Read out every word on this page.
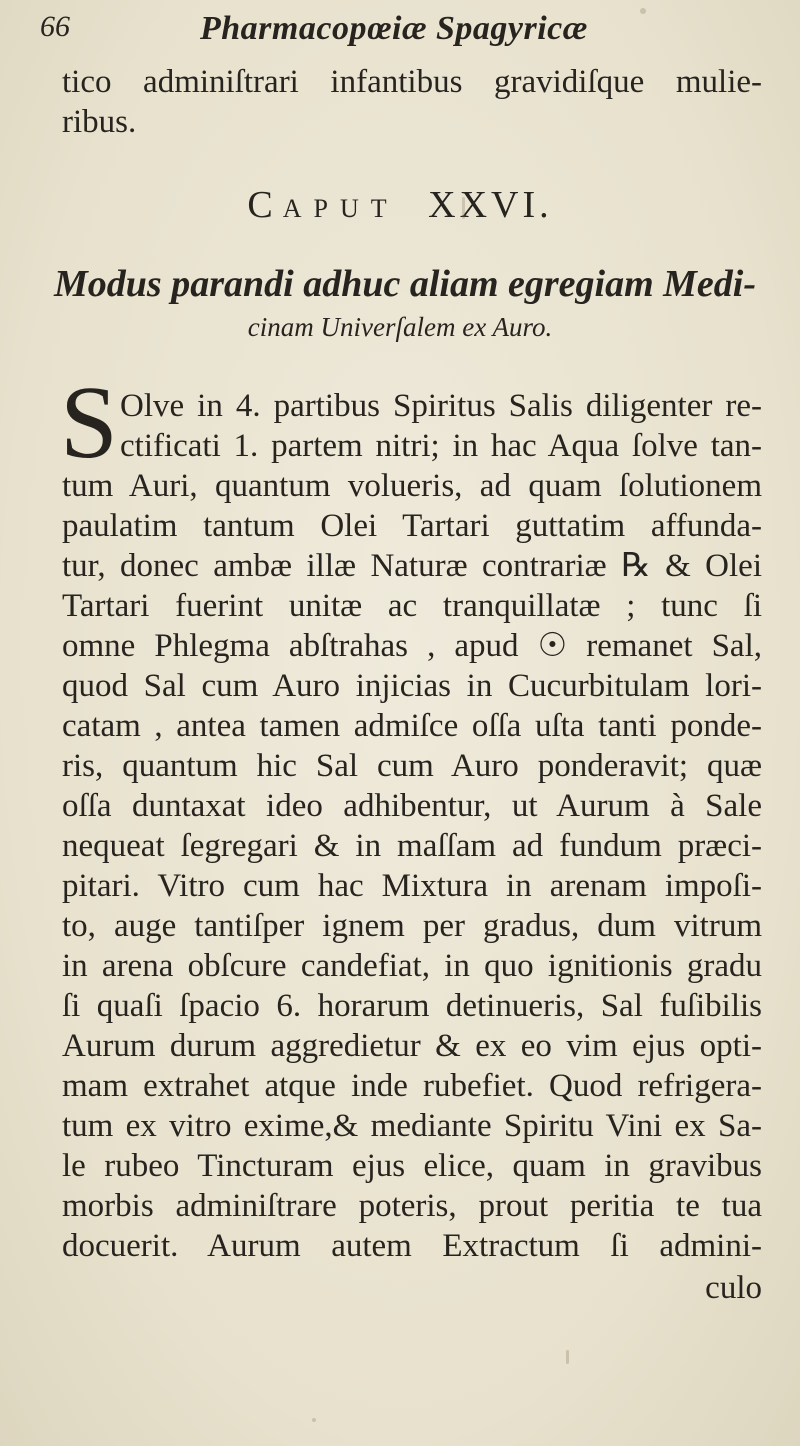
66	Pharmacopœiæ Spagyricæ
tico adminiſtrari infantibus gravidiſque mulie-
ribus.
CAPUT XXVI.
Modus parandi adhuc aliam egregiam Medi-
cinam Univerſalem ex Auro.
S Olve in 4. partibus Spiritus Salis diligenter re-
ctificati 1. partem nitri; in hac Aqua ſolve tan-
tum Auri, quantum volueris, ad quam ſolutionem
paulatim tantum Olei Tartari guttatim affunda-
tur, donec ambæ illæ Naturæ contrariæ ℞ & Olei
Tartari fuerint unitæ ac tranquillatæ ; tunc ſi
omne Phlegma abſtrahas , apud ☉ remanet Sal,
quod Sal cum Auro injicias in Cucurbitulam lori-
catam , antea tamen admiſce oſſa uſta tanti ponde-
ris, quantum hic Sal cum Auro ponderavit; quæ
oſſa duntaxat ideo adhibentur, ut Aurum à Sale
nequeat ſegregari & in maſſam ad fundum præci-
pitari. Vitro cum hac Mixtura in arenam impoſi-
to, auge tantiſper ignem per gradus, dum vitrum
in arena obſcure candefiat, in quo ignitionis gradu
ſi quaſi ſpacio 6. horarum detinueris, Sal fuſibilis
Aurum durum aggredietur & ex eo vim ejus opti-
mam extrahet atque inde rubefiet. Quod refrigera-
tum ex vitro exime,& mediante Spiritu Vini ex Sa-
le rubeo Tincturam ejus elice, quam in gravibus
morbis adminiſtrare poteris, prout peritia te tua
docuerit. Aurum autem Extractum ſi admini-
culo
